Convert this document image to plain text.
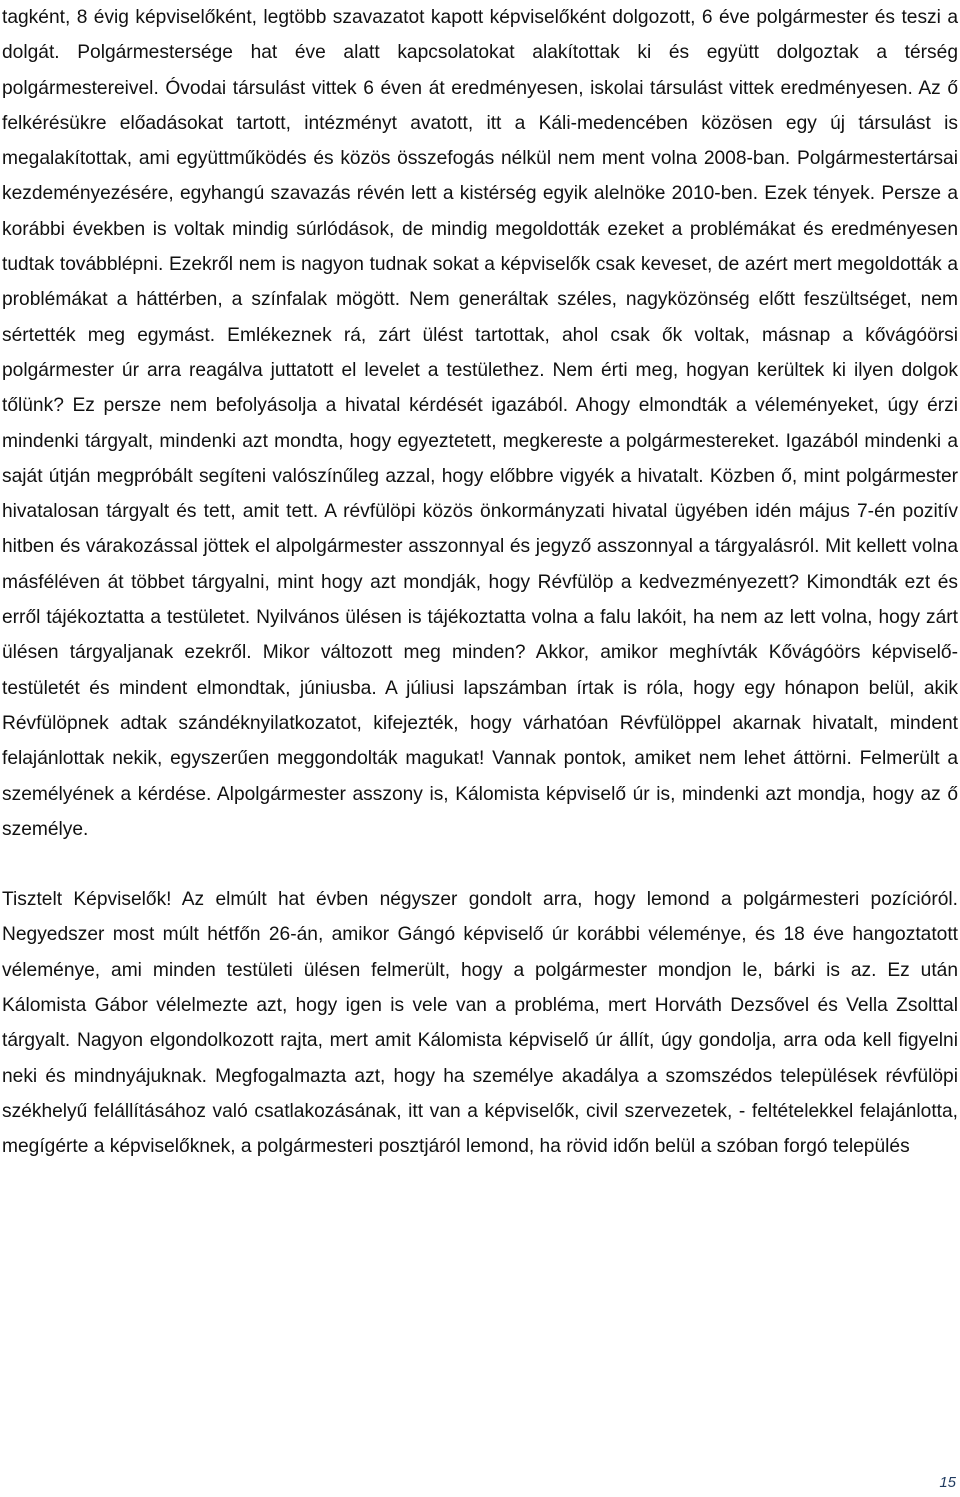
tagként, 8 évig képviselőként, legtöbb szavazatot kapott képviselőként dolgozott, 6 éve polgármester és teszi a dolgát. Polgármestersége hat éve alatt kapcsolatokat alakítottak ki és együtt dolgoztak a térség polgármestereivel. Óvodai társulást vittek 6 éven át eredményesen, iskolai társulást vittek eredményesen. Az ő felkérésükre előadásokat tartott, intézményt avatott, itt a Káli-medencében közösen egy új társulást is megalakítottak, ami együttműködés és közös összefogás nélkül nem ment volna 2008-ban. Polgármestertársai kezdeményezésére, egyhangú szavazás révén lett a kistérség egyik alelnöke 2010-ben. Ezek tények. Persze a korábbi években is voltak mindig súrlódások, de mindig megoldották ezeket a problémákat és eredményesen tudtak továbblépni. Ezekről nem is nagyon tudnak sokat a képviselők csak keveset, de azért mert megoldották a problémákat a háttérben, a színfalak mögött. Nem generáltak széles, nagyközönség előtt feszültséget, nem sértették meg egymást. Emlékeznek rá, zárt ülést tartottak, ahol csak ők voltak, másnap a kővágóörsi polgármester úr arra reagálva juttatott el levelet a testülethez. Nem érti meg, hogyan kerültek ki ilyen dolgok tőlünk? Ez persze nem befolyásolja a hivatal kérdését igazából. Ahogy elmondták a véleményeket, úgy érzi mindenki tárgyalt, mindenki azt mondta, hogy egyeztetett, megkereste a polgármestereket. Igazából mindenki a saját útján megpróbált segíteni valószínűleg azzal, hogy előbbre vigyék a hivatalt. Közben ő, mint polgármester hivatalosan tárgyalt és tett, amit tett. A révfülöpi közös önkormányzati hivatal ügyében idén május 7-én pozitív hitben és várakozással jöttek el alpolgármester asszonnyal és jegyző asszonnyal a tárgyalásról. Mit kellett volna másféléven át többet tárgyalni, mint hogy azt mondják, hogy Révfülöp a kedvezményezett? Kimondták ezt és erről tájékoztatta a testületet. Nyilvános ülésen is tájékoztatta volna a falu lakóit, ha nem az lett volna, hogy zárt ülésen tárgyaljanak ezekről. Mikor változott meg minden? Akkor, amikor meghívták Kővágóörs képviselő-testületét és mindent elmondtak, júniusba. A júliusi lapszámban írtak is róla, hogy egy hónapon belül, akik Révfülöpnek adtak szándéknyilatkozatot, kifejezték, hogy várhatóan Révfülöppel akarnak hivatalt, mindent felajánlottak nekik, egyszerűen meggondolták magukat! Vannak pontok, amiket nem lehet áttörni. Felmerült a személyének a kérdése. Alpolgármester asszony is, Kálomista képviselő úr is, mindenki azt mondja, hogy az ő személye.

Tisztelt Képviselők! Az elmúlt hat évben négyszer gondolt arra, hogy lemond a polgármesteri pozícióról. Negyedszer most múlt hétfőn 26-án, amikor Gángó képviselő úr korábbi véleménye, és 18 éve hangoztatott véleménye, ami minden testületi ülésen felmerült, hogy a polgármester mondjon le, bárki is az. Ez után Kálomista Gábor vélelmezte azt, hogy igen is vele van a probléma, mert Horváth Dezsővel és Vella Zsolttal tárgyalt. Nagyon elgondolkozott rajta, mert amit Kálomista képviselő úr állít, úgy gondolja, arra oda kell figyelni neki és mindnyájuknak. Megfogalmazta azt, hogy ha személye akadálya a szomszédos települések révfülöpi székhelyű felállításához való csatlakozásának, itt van a képviselők, civil szervezetek, - feltételekkel felajánlotta, megígérte a képviselőknek, a polgármesteri posztjáról lemond, ha rövid időn belül a szóban forgó település

15
